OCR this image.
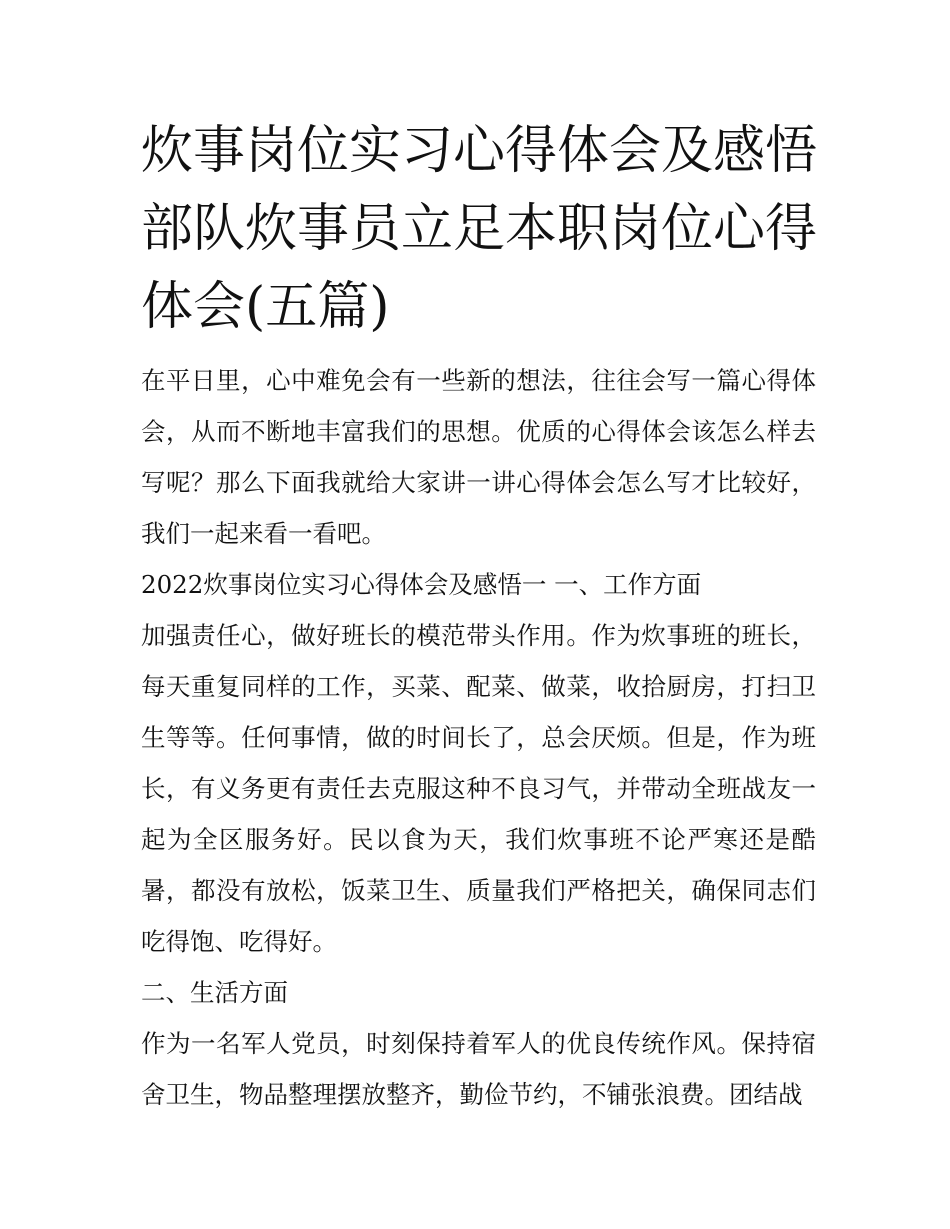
炊事岗位实习心得体会及感悟部队炊事员立足本职岗位心得体会(五篇)

在平日里，心中难免会有一些新的想法，往往会写一篇心得体会，从而不断地丰富我们的思想。优质的心得体会该怎么样去写呢？那么下面我就给大家讲一讲心得体会怎么写才比较好，我们一起来看一看吧。

2022炊事岗位实习心得体会及感悟一 一、工作方面

加强责任心，做好班长的模范带头作用。作为炊事班的班长，每天重复同样的工作，买菜、配菜、做菜，收拾厨房，打扫卫生等等。任何事情，做的时间长了，总会厌烦。但是，作为班长，有义务更有责任去克服这种不良习气，并带动全班战友一起为全区服务好。民以食为天，我们炊事班不论严寒还是酷暑，都没有放松，饭菜卫生、质量我们严格把关，确保同志们吃得饱、吃得好。

二、生活方面

作为一名军人党员，时刻保持着军人的优良传统作风。保持宿舍卫生，物品整理摆放整齐，勤俭节约，不铺张浪费。团结战
